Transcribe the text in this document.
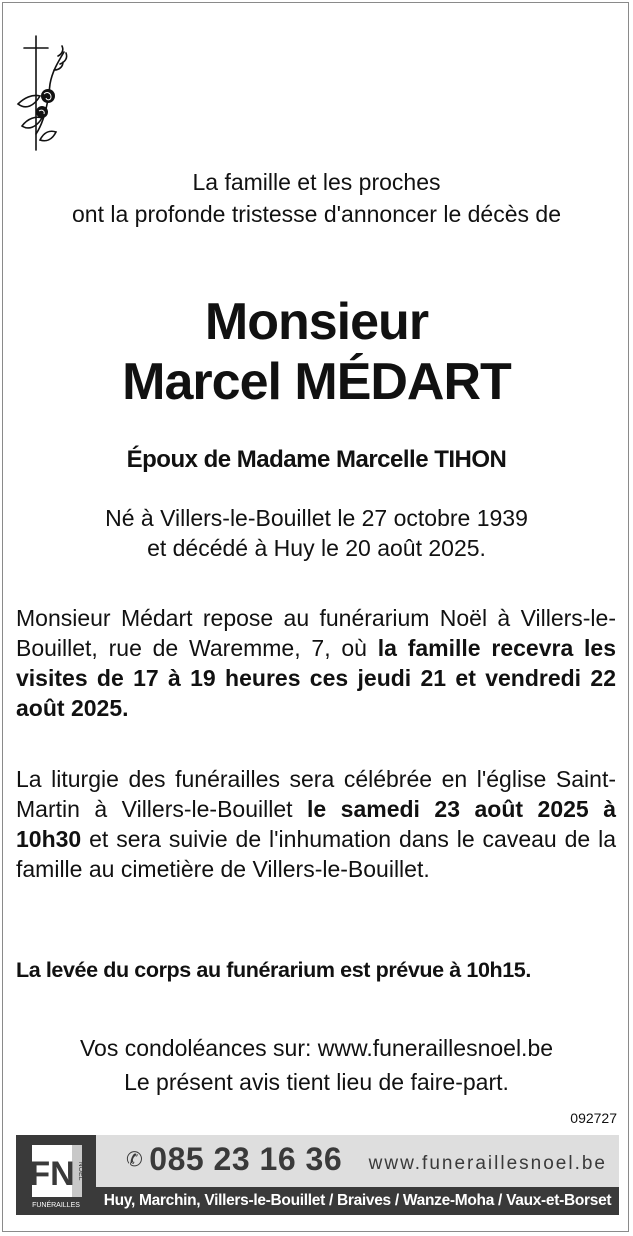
La famille et les proches
ont la profonde tristesse d'annoncer le décès de
Monsieur
Marcel MÉDART
Époux de Madame Marcelle TIHON
Né à Villers-le-Bouillet le 27 octobre 1939
et décédé à Huy le 20 août 2025.
Monsieur Médart repose au funérarium Noël à Villers-le-Bouillet, rue de Waremme, 7, où la famille recevra les visites de 17 à 19 heures ces jeudi 21 et vendredi 22 août 2025.
La liturgie des funérailles sera célébrée en l'église Saint-Martin à Villers-le-Bouillet le samedi 23 août 2025 à 10h30 et sera suivie de l'inhumation dans le caveau de la famille au cimetière de Villers-le-Bouillet.
La levée du corps au funérarium est prévue à 10h15.
Vos condoléances sur: www.funeraillesnoel.be
Le présent avis tient lieu de faire-part.
092727
FN NOËL
FUNÉRAILLES
✆ 085 23 16 36 www.funeraillesnoel.be
Huy, Marchin, Villers-le-Bouillet / Braives / Wanze-Moha / Vaux-et-Borset
